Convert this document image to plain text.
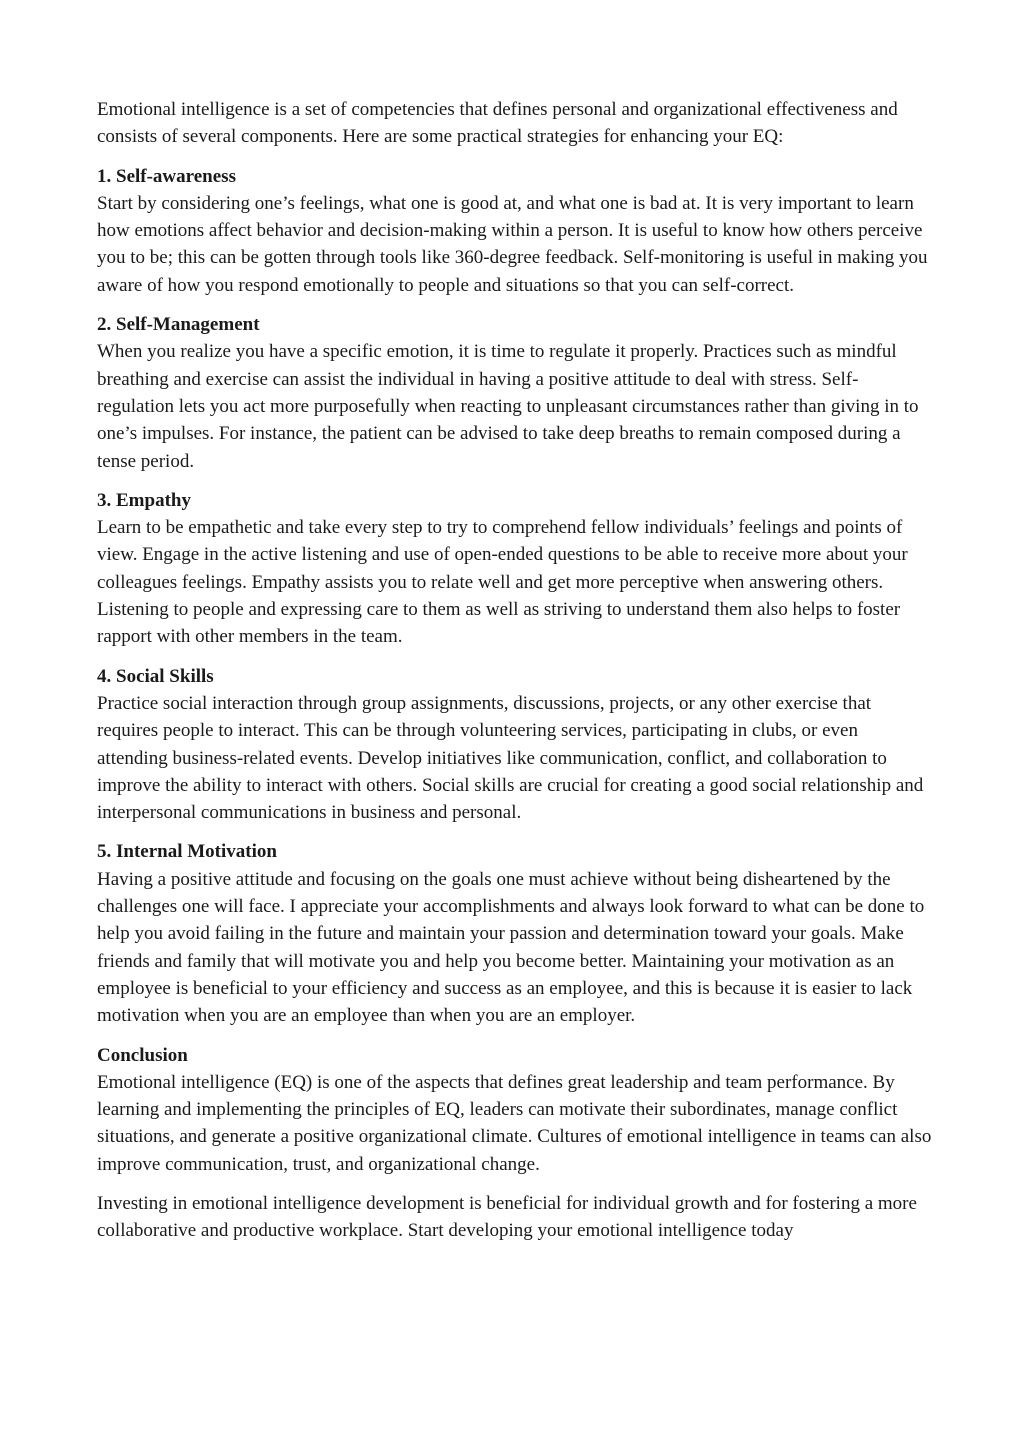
Emotional intelligence is a set of competencies that defines personal and organizational effectiveness and consists of several components. Here are some practical strategies for enhancing your EQ:

1. Self-awareness

Start by considering one’s feelings, what one is good at, and what one is bad at. It is very important to learn how emotions affect behavior and decision-making within a person. It is useful to know how others perceive you to be; this can be gotten through tools like 360-degree feedback. Self-monitoring is useful in making you aware of how you respond emotionally to people and situations so that you can self-correct.

2. Self-Management

When you realize you have a specific emotion, it is time to regulate it properly. Practices such as mindful breathing and exercise can assist the individual in having a positive attitude to deal with stress. Self-regulation lets you act more purposefully when reacting to unpleasant circumstances rather than giving in to one’s impulses. For instance, the patient can be advised to take deep breaths to remain composed during a tense period.

3. Empathy

Learn to be empathetic and take every step to try to comprehend fellow individuals’ feelings and points of view. Engage in the active listening and use of open-ended questions to be able to receive more about your colleagues feelings. Empathy assists you to relate well and get more perceptive when answering others. Listening to people and expressing care to them as well as striving to understand them also helps to foster rapport with other members in the team.

4. Social Skills

Practice social interaction through group assignments, discussions, projects, or any other exercise that requires people to interact. This can be through volunteering services, participating in clubs, or even attending business-related events. Develop initiatives like communication, conflict, and collaboration to improve the ability to interact with others. Social skills are crucial for creating a good social relationship and interpersonal communications in business and personal.

5. Internal Motivation

Having a positive attitude and focusing on the goals one must achieve without being disheartened by the challenges one will face. I appreciate your accomplishments and always look forward to what can be done to help you avoid failing in the future and maintain your passion and determination toward your goals. Make friends and family that will motivate you and help you become better. Maintaining your motivation as an employee is beneficial to your efficiency and success as an employee, and this is because it is easier to lack motivation when you are an employee than when you are an employer.

Conclusion

Emotional intelligence (EQ) is one of the aspects that defines great leadership and team performance. By learning and implementing the principles of EQ, leaders can motivate their subordinates, manage conflict situations, and generate a positive organizational climate. Cultures of emotional intelligence in teams can also improve communication, trust, and organizational change.

Investing in emotional intelligence development is beneficial for individual growth and for fostering a more collaborative and productive workplace. Start developing your emotional intelligence today
